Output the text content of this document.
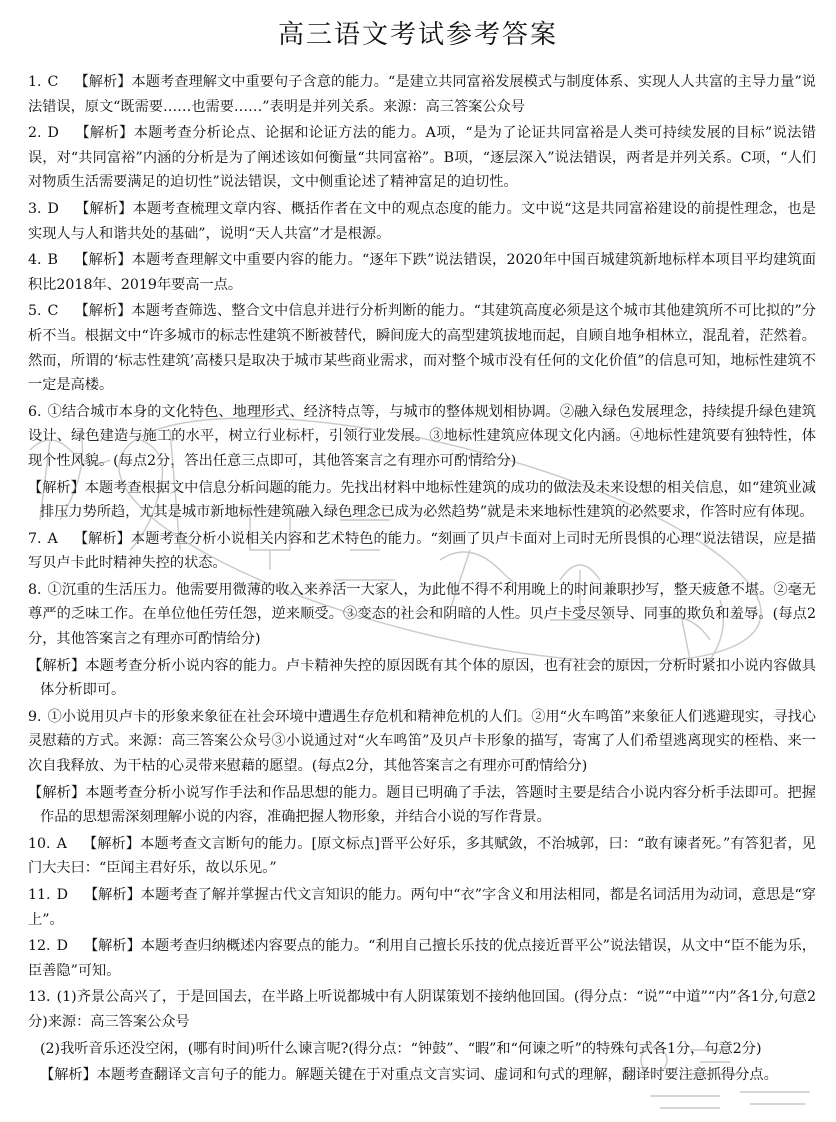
高三语文考试参考答案
1. C 【解析】本题考查理解文中重要句子含意的能力。“是建立共同富裕发展模式与制度体系、实现人人共富的主导力量”说法错误，原文“既需要……也需要……”表明是并列关系。来源：高三答案公众号
2. D 【解析】本题考查分析论点、论据和论证方法的能力。A项，“是为了论证共同富裕是人类可持续发展的目标”说法错误，对“共同富裕”内涵的分析是为了阐述该如何衡量“共同富裕”。B项，“逐层深入”说法错误，两者是并列关系。C项，“人们对物质生活需要满足的迫切性”说法错误，文中侧重论述了精神富足的迫切性。
3. D 【解析】本题考查梳理文章内容、概括作者在文中的观点态度的能力。文中说“这是共同富裕建设的前提性理念，也是实现人与人和谐共处的基础”，说明“天人共富”才是根源。
4. B 【解析】本题考查理解文中重要内容的能力。“逐年下跌”说法错误，2020年中国百城建筑新地标样本项目平均建筑面积比2018年、2019年要高一点。
5. C 【解析】本题考查筛选、整合文中信息并进行分析判断的能力。“其建筑高度必须是这个城市其他建筑所不可比拟的”分析不当。根据文中“许多城市的标志性建筑不断被替代，瞬间庞大的高型建筑拔地而起，自顾自地争相林立，混乱着，茫然着。然而，所谓的‘标志性建筑’高楼只是取决于城市某些商业需求，而对整个城市没有任何的文化价值”的信息可知，地标性建筑不一定是高楼。
6. ①结合城市本身的文化特色、地理形式、经济特点等，与城市的整体规划相协调。②融入绿色发展理念，持续提升绿色建筑设计、绿色建造与施工的水平，树立行业标杆，引领行业发展。③地标性建筑应体现文化内涵。④地标性建筑要有独特性，体现个性风貌。(每点2分，答出任意三点即可，其他答案言之有理亦可酌情给分)
【解析】本题考查根据文中信息分析问题的能力。先找出材料中地标性建筑的成功的做法及未来设想的相关信息，如“建筑业减排压力势所趋，尤其是城市新地标性建筑融入绿色理念已成为必然趋势”就是未来地标性建筑的必然要求，作答时应有体现。
7. A 【解析】本题考查分析小说相关内容和艺术特色的能力。“刻画了贝卢卡面对上司时无所畏惧的心理”说法错误，应是描写贝卢卡此时精神失控的状态。
8. ①沉重的生活压力。他需要用微薄的收入来养活一大家人，为此他不得不利用晚上的时间兼职抄写，整天疲惫不堪。②毫无尊严的乏味工作。在单位他任劳任怨，逆来顺受。③变态的社会和阴暗的人性。贝卢卡受尽领导、同事的欺负和羞辱。(每点2分，其他答案言之有理亦可酌情给分)
【解析】本题考查分析小说内容的能力。卢卡精神失控的原因既有其个体的原因，也有社会的原因，分析时紧扣小说内容做具体分析即可。
9. ①小说用贝卢卡的形象来象征在社会环境中遭遇生存危机和精神危机的人们。②用“火车鸣笛”来象征人们逃避现实，寻找心灵慰藉的方式。来源：高三答案公众号③小说通过对“火车鸣笛”及贝卢卡形象的描写，寄寓了人们希望逃离现实的桎梏、来一次自我释放、为干枯的心灵带来慰藉的愿望。(每点2分，其他答案言之有理亦可酌情给分)
【解析】本题考查分析小说写作手法和作品思想的能力。题目已明确了手法，答题时主要是结合小说内容分析手法即可。把握作品的思想需深刻理解小说的内容，准确把握人物形象，并结合小说的写作背景。
10. A 【解析】本题考查文言断句的能力。[原文标点]晋平公好乐，多其赋敛，不治城郭，曰：“敢有谏者死。”有答犯者，见门大夫曰：“臣闻主君好乐，故以乐见。”
11. D 【解析】本题考查了解并掌握古代文言知识的能力。两句中“衣”字含义和用法相同，都是名词活用为动词，意思是“穿上”。
12. D 【解析】本题考查归纳概述内容要点的能力。“利用自己擅长乐技的优点接近晋平公”说法错误，从文中“臣不能为乐，臣善隐”可知。
13. (1)齐景公高兴了，于是回国去，在半路上听说都城中有人阴谋策划不接纳他回国。(得分点：“说”“中道”“内”各1分,句意2分)来源：高三答案公众号
(2)我听音乐还没空闲，(哪有时间)听什么谏言呢?(得分点：“钟鼓”、“暇”和“何谏之听”的特殊句式各1分，句意2分)
【解析】本题考查翻译文言句子的能力。解题关键在于对重点文言实词、虚词和句式的理解，翻译时要注意抓得分点。
